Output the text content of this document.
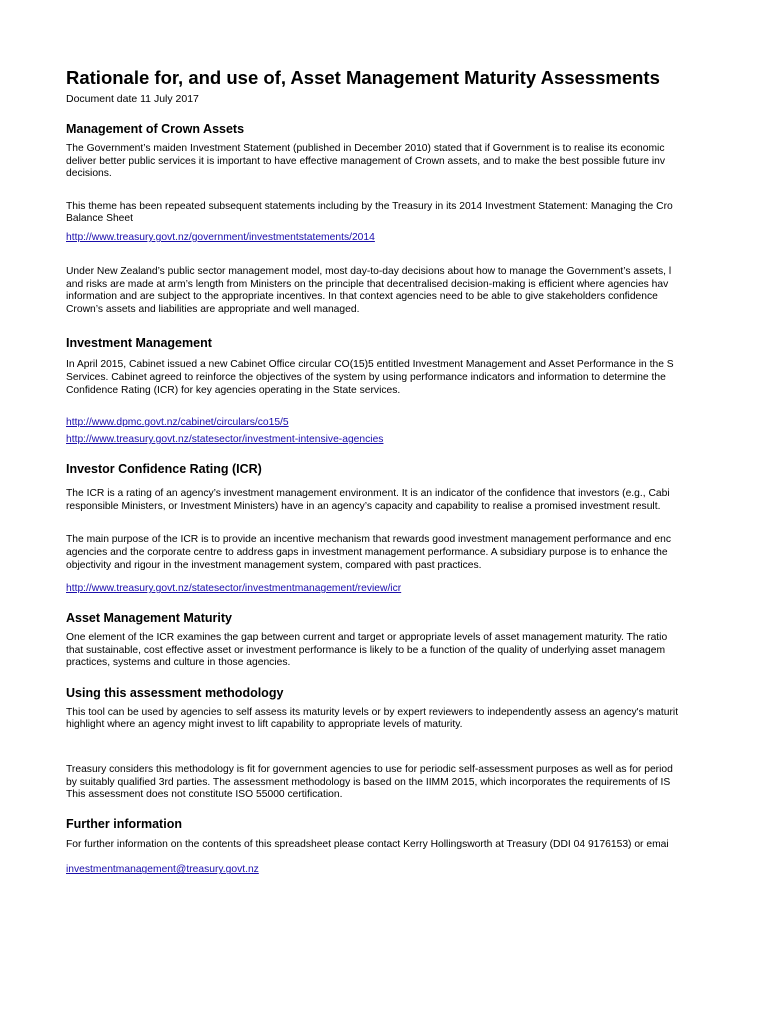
Rationale for, and use of, Asset Management Maturity Assessments

Document date 11 July 2017

Management of Crown Assets

The Government’s maiden Investment Statement (published in December 2010) stated that if Government is to realise its economic
deliver better public services it is important to have effective management of Crown assets, and to make the best possible future inv
decisions.

This theme has been repeated subsequent statements including by the Treasury in its 2014 Investment Statement: Managing the Cro
Balance Sheet

http://www.treasury.govt.nz/government/investmentstatements/2014

Under New Zealand’s public sector management model, most day-to-day decisions about how to manage the Government’s assets, l
and risks are made at arm’s length from Ministers on the principle that decentralised decision-making is efficient where agencies hav
information and are subject to the appropriate incentives. In that context agencies need to be able to give stakeholders confidence
Crown’s assets and liabilities are appropriate and well managed.

Investment Management

In April 2015, Cabinet issued a new Cabinet Office circular CO(15)5 entitled Investment Management and Asset Performance in the S
Services. Cabinet agreed to reinforce the objectives of the system by using performance indicators and information to determine the
Confidence Rating (ICR) for key agencies operating in the State services.

http://www.dpmc.govt.nz/cabinet/circulars/co15/5
http://www.treasury.govt.nz/statesector/investment-intensive-agencies
Investor Confidence Rating (ICR)

The ICR is a rating of an agency’s investment management environment. It is an indicator of the confidence that investors (e.g., Cabi
responsible Ministers, or Investment Ministers) have in an agency’s capacity and capability to realise a promised investment result.

The main purpose of the ICR is to provide an incentive mechanism that rewards good investment management performance and enc
agencies and the corporate centre to address gaps in investment management performance. A subsidiary purpose is to enhance the
objectivity and rigour in the investment management system, compared with past practices.

http://www.treasury.govt.nz/statesector/investmentmanagement/review/icr
Asset Management Maturity

One element of the ICR examines the gap between current and target or appropriate levels of asset management maturity. The ratio
that sustainable, cost effective asset or investment performance is likely to be a function of the quality of underlying asset managem
practices, systems and culture in those agencies.

Using this assessment methodology

This tool can be used by agencies to self assess its maturity levels or by expert reviewers to independently assess an agency's maturit
highlight where an agency might invest to lift capability to appropriate levels of maturity.

Treasury considers this methodology is fit for government agencies to use for periodic self-assessment purposes as well as for period
by suitably qualified 3rd parties. The assessment methodology is based on the IIMM 2015, which incorporates the requirements of IS
This assessment does not constitute ISO 55000 certification.

Further information

For further information on the contents of this spreadsheet please contact Kerry Hollingsworth at Treasury (DDI 04 9176153) or emai

investmentmanagement@treasury.govt.nz
